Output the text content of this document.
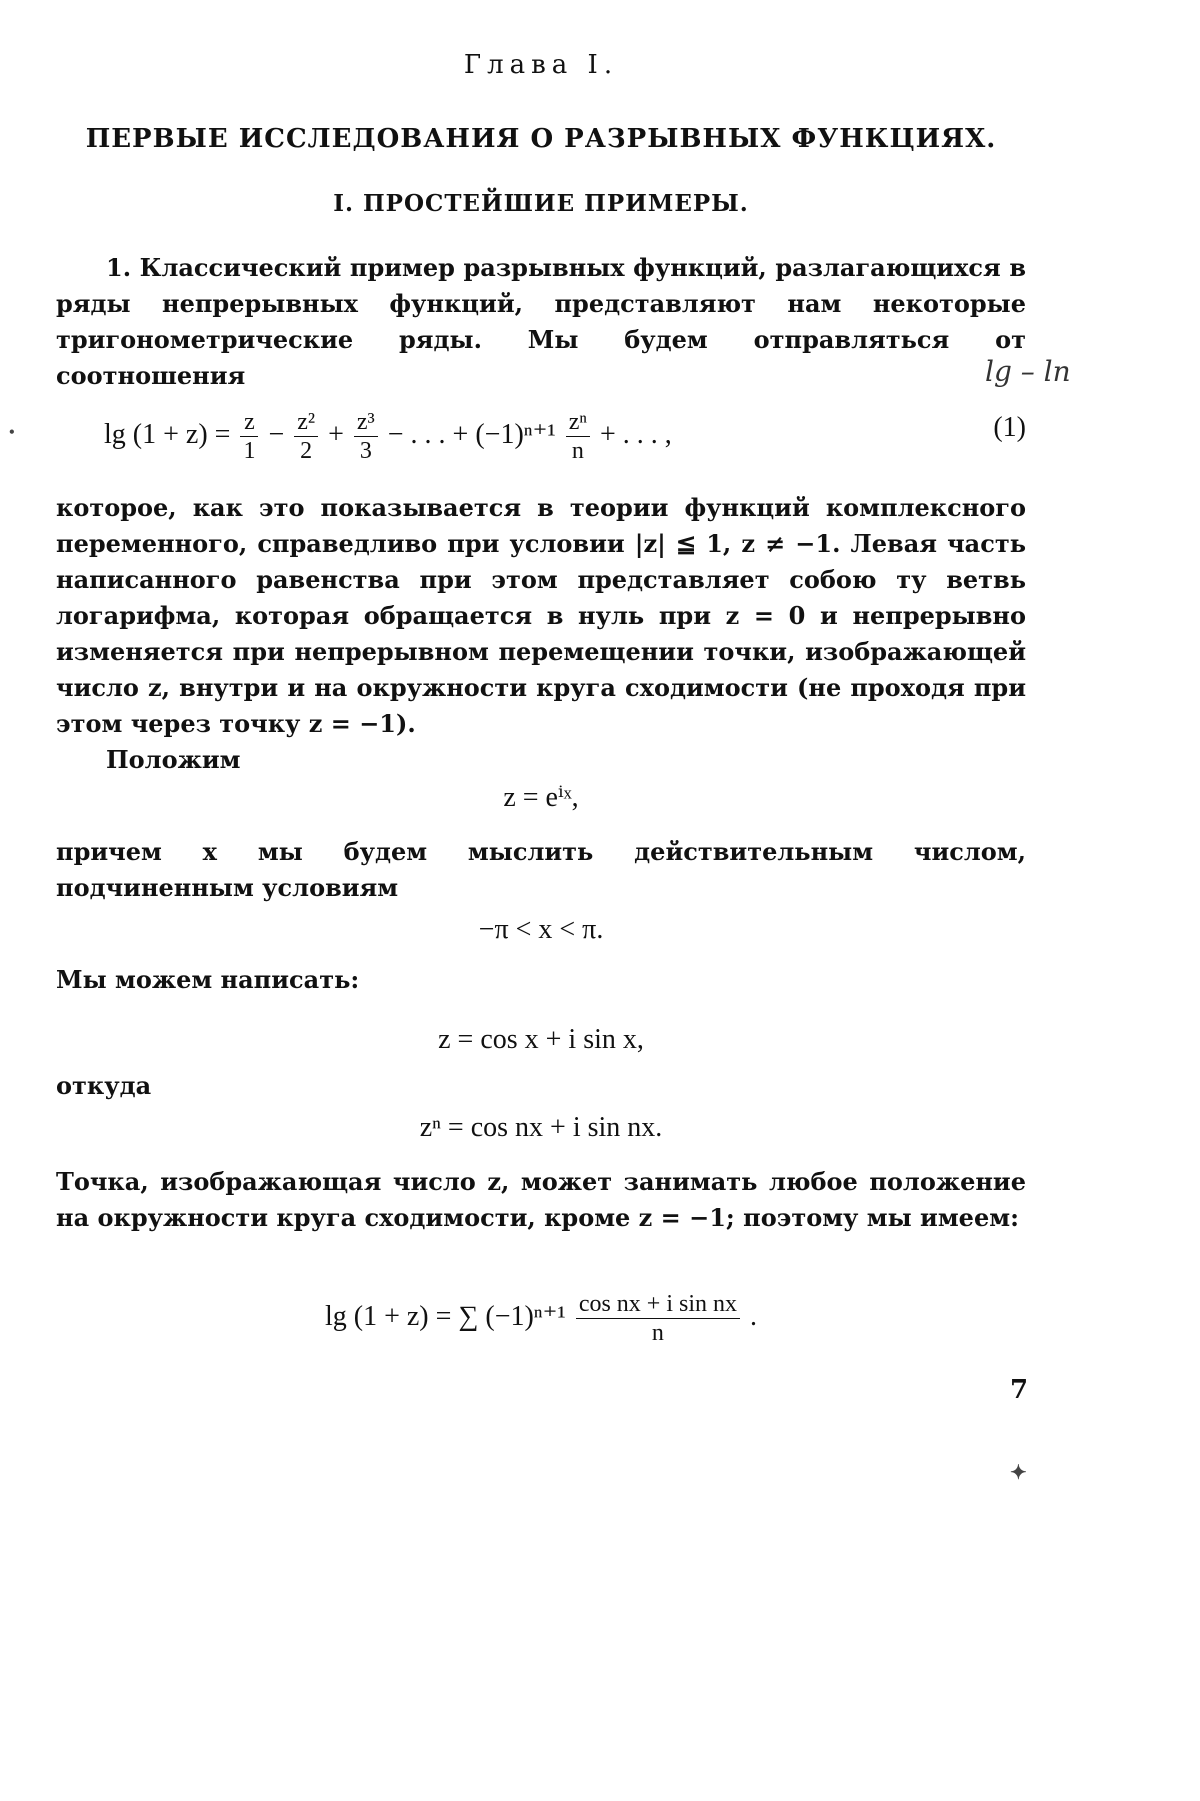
Глава I.
ПЕРВЫЕ ИССЛЕДОВАНИЯ О РАЗРЫВНЫХ ФУНКЦИЯХ.
I. ПРОСТЕЙШИЕ ПРИМЕРЫ.
1. Классический пример разрывных функций, разлагающихся в ряды непрерывных функций, представляют нам некоторые тригонометрические ряды. Мы будем отправляться от соотношения	lg – ln
$\lg (1 + z) = \frac{z}{1} - \frac{\text{z²}}{2} + \frac{\text{z³}}{3}$ − . . . + $(-1)^{n+1} \frac{\text{zⁿ}}{n}$ + . . . ,	(1)
которое, как это показывается в теории функций комплексного переменного, справедливо при условии |z| ≦ 1, z ≠ −1. Левая часть написанного равенства при этом представляет собою ту ветвь логарифма, которая обращается в нуль при z = 0 и непрерывно изменяется при непрерывном перемещении точки, изображающей число z, внутри и на окружности круга сходимости (не проходя при этом через точку z = −1).
Положим
z = eⁱˣ,
причем x мы будем мыслить действительным числом, подчиненным условиям
−π < x < π.
Мы можем написать:
z = cos x + i sin x,
откуда
zⁿ = cos nx + i sin nx.
Точка, изображающая число z, может занимать любое положение на окружности круга сходимости, кроме z = −1; поэтому мы имеем:
lg (1 + z) = ∑ $(-1)^{n+1} \frac{\text{cos nx + i sin nx}}{n}$ .
7
✦
•
